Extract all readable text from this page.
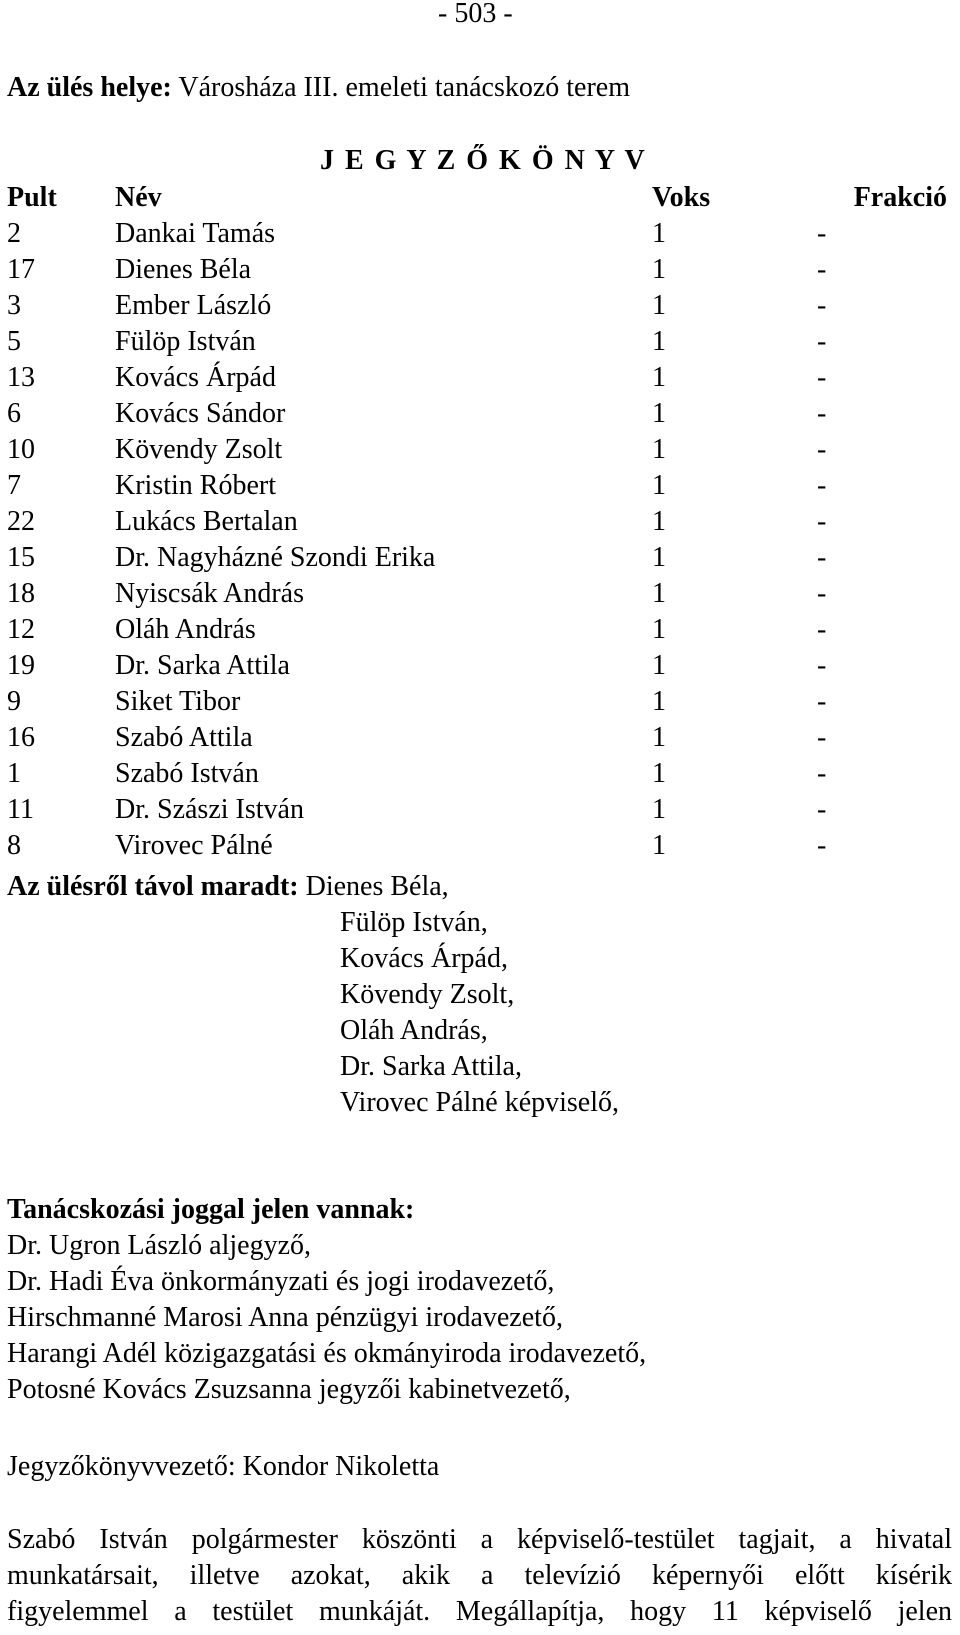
- 503 -
Az ülés helye: Városháza III. emeleti tanácskozó terem
J E G Y Z Ő K Ö N Y V
Pult Név	Voks	Frakció
2	Dankai Tamás	1	-
17	Dienes Béla	1	-
3	Ember László	1	-
5	Fülöp István	1	-
13	Kovács Árpád	1	-
6	Kovács Sándor	1	-
10	Kövendy Zsolt	1	-
7	Kristin Róbert	1	-
22	Lukács Bertalan	1	-
15	Dr. Nagyházné Szondi Erika	1	-
18	Nyiscsák András	1	-
12	Oláh András	1	-
19	Dr. Sarka Attila	1	-
9	Siket Tibor	1	-
16	Szabó Attila	1	-
1	Szabó István	1	-
11	Dr. Szászi István	1	-
8	Virovec Pálné	1	-
Az ülésről távol maradt: Dienes Béla,
Fülöp István,
Kovács Árpád,
Kövendy Zsolt,
Oláh András,
Dr. Sarka Attila,
Virovec Pálné képviselő,
Tanácskozási joggal jelen vannak:
Dr. Ugron László aljegyző,
Dr. Hadi Éva önkormányzati és jogi irodavezető,
Hirschmanné Marosi Anna pénzügyi irodavezető,
Harangi Adél közigazgatási és okmányiroda irodavezető,
Potosné Kovács Zsuzsanna jegyzői kabinetvezető,
Jegyzőkönyvvezető: Kondor Nikoletta
Szabó István polgármester köszönti a képviselő-testület tagjait, a hivatal
munkatársait, illetve azokat, akik a televízió képernyői előtt kísérik
figyelemmel a testület munkáját. Megállapítja, hogy 11 képviselő jelen
